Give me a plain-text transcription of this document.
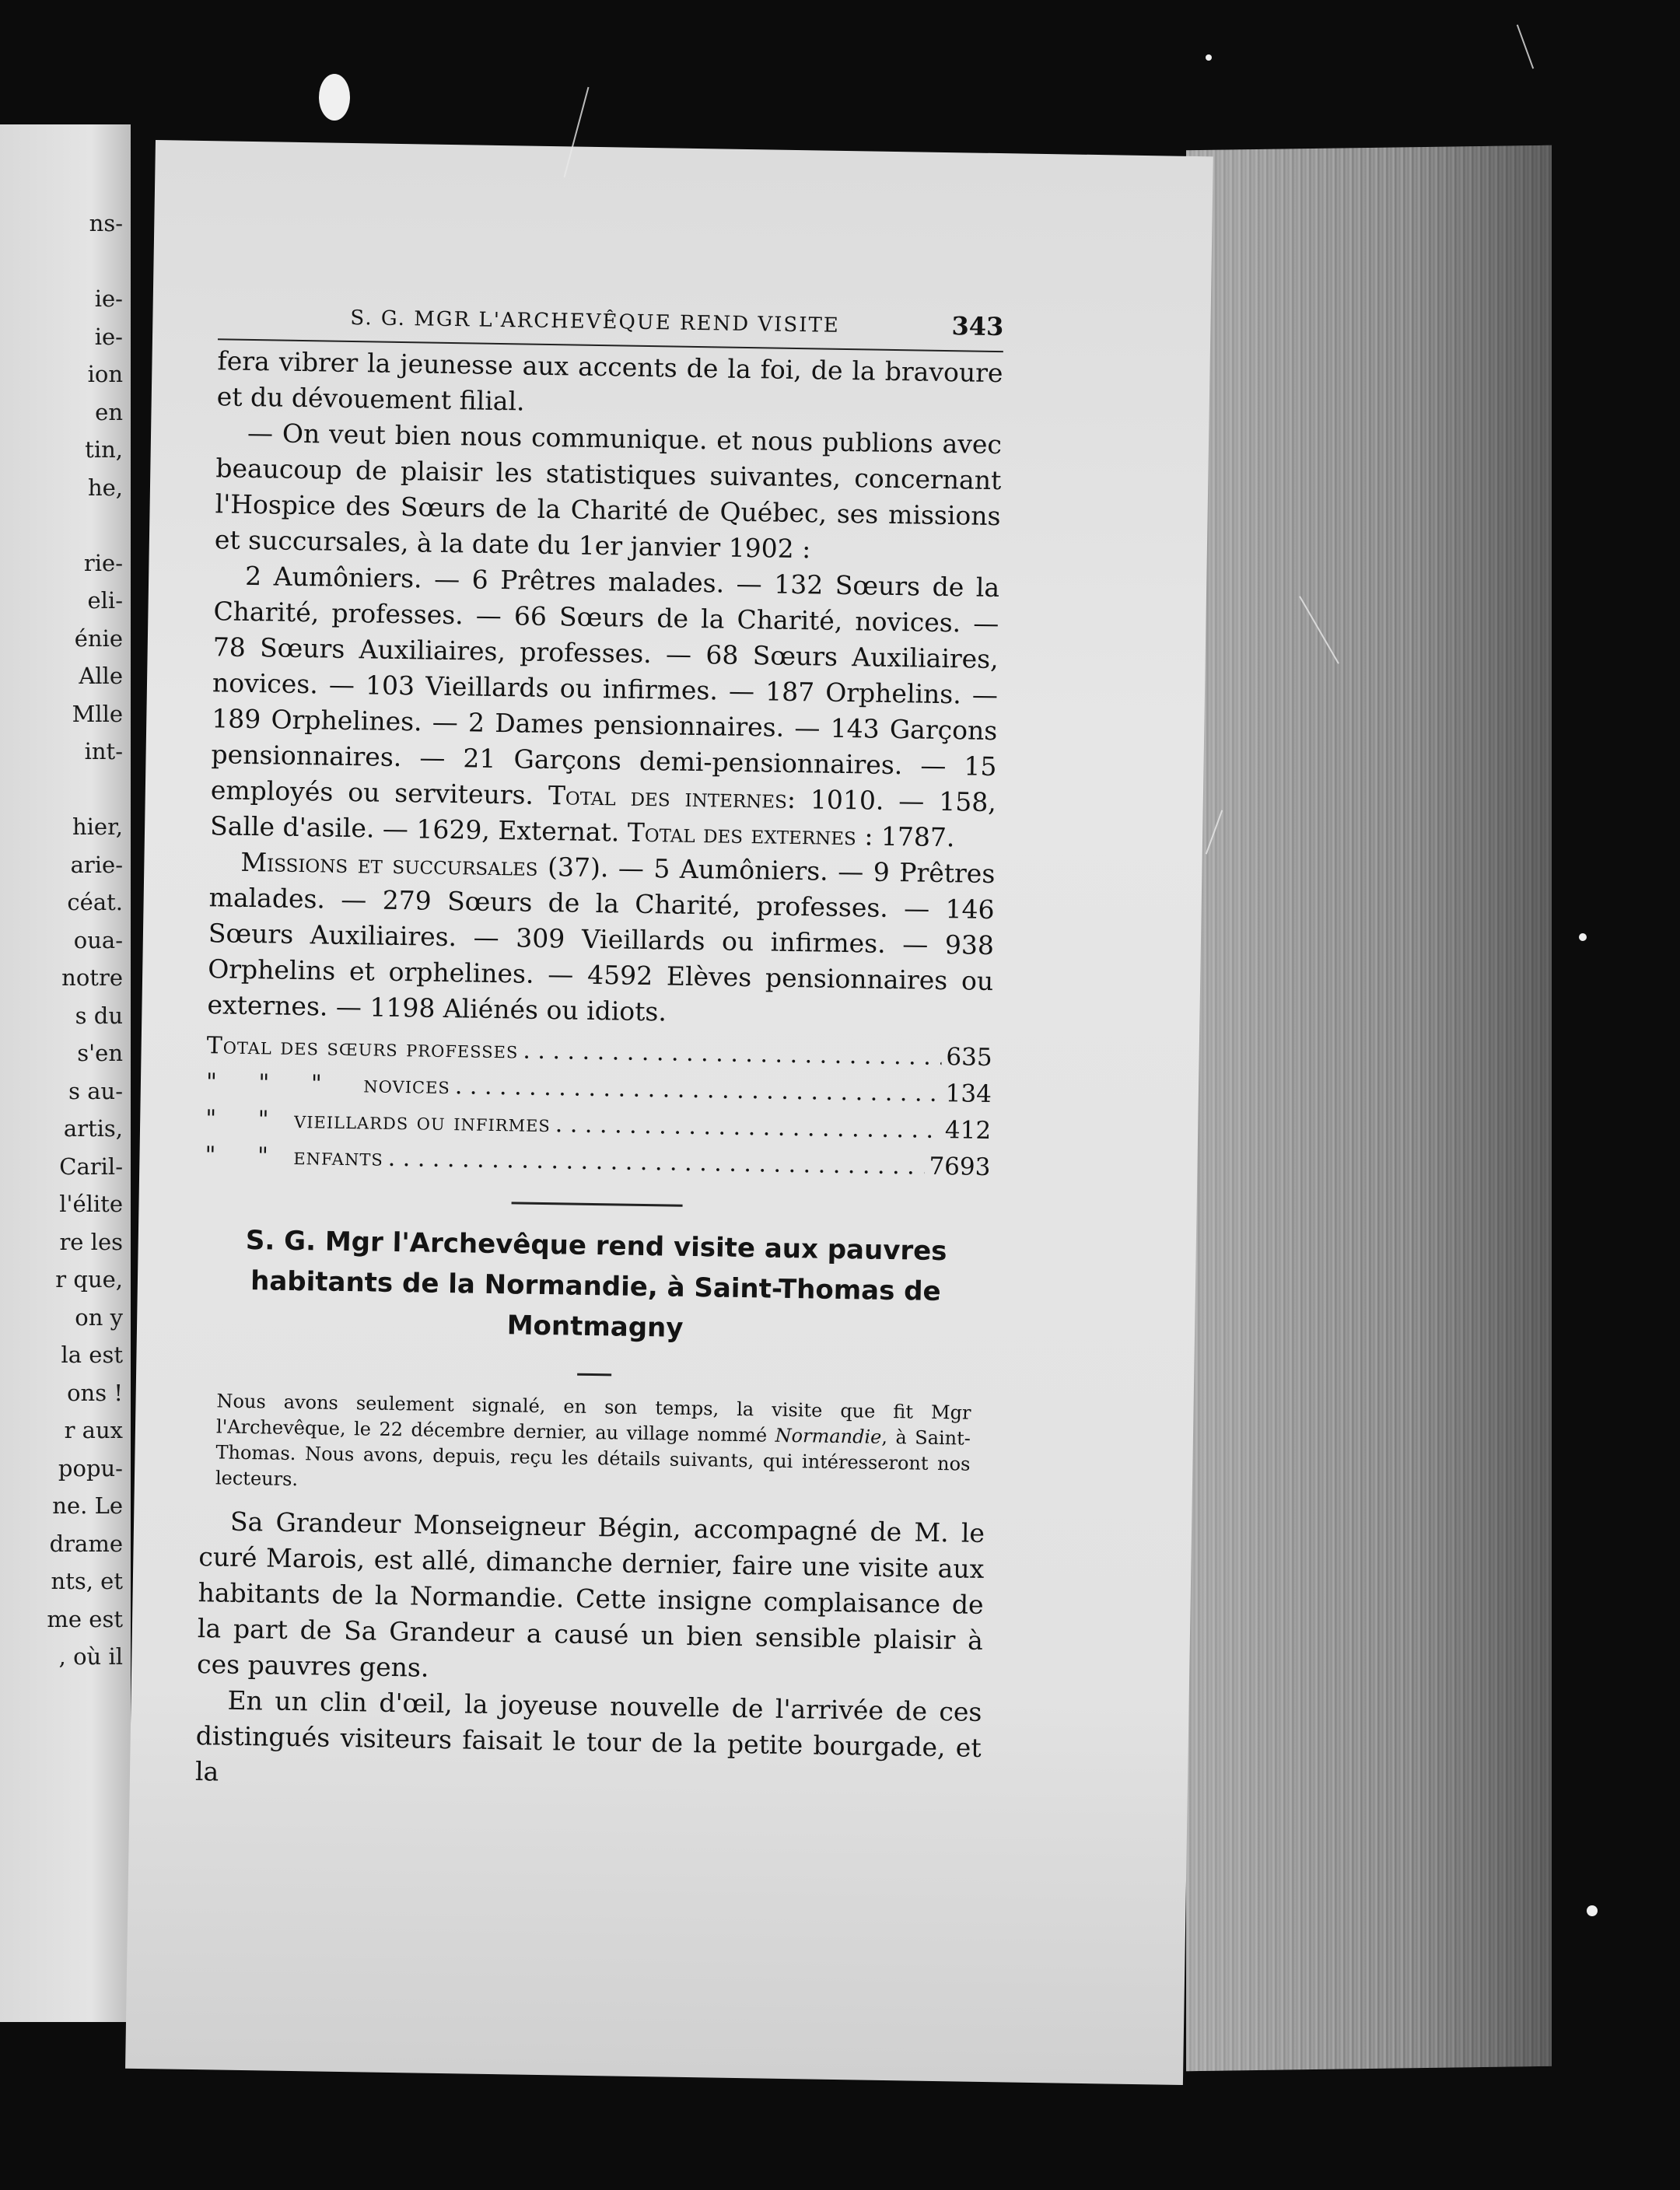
ns-
ie-
ie-
ion
en
tin,
he,
rie-
eli-
énie
Alle
Mlle
int-
hier,
arie-
céat.
oua-
notre
s du
s'en
s au-
artis,
Caril-
l'élite
re les
r que,
on y
la est
ons !
r aux
popu-
ne. Le
drame
nts, et
me est
, où il
S. G. MGR L'ARCHEVÊQUE REND VISITE	343

fera vibrer la jeunesse aux accents de la foi, de la bravoure et du dévouement filial.

— On veut bien nous communique. et nous publions avec beaucoup de plaisir les statistiques suivantes, concernant l'Hospice des Sœurs de la Charité de Québec, ses missions et succursales, à la date du 1er janvier 1902 :

2 Aumôniers. — 6 Prêtres malades. — 132 Sœurs de la Charité, professes. — 66 Sœurs de la Charité, novices. — 78 Sœurs Auxiliaires, professes. — 68 Sœurs Auxiliaires, novices. — 103 Vieillards ou infirmes. — 187 Orphelins. — 189 Orphelines. — 2 Dames pensionnaires. — 143 Garçons pensionnaires. — 21 Garçons demi-pensionnaires. — 15 employés ou serviteurs. Total des internes: 1010. — 158, Salle d'asile. — 1629, Externat. Total des externes : 1787.

Missions et succursales (37). — 5 Aumôniers. — 9 Prêtres malades. — 279 Sœurs de la Charité, professes. — 146 Sœurs Auxiliaires. — 309 Vieillards ou infirmes. — 938 Orphelins et orphelines. — 4592 Elèves pensionnaires ou externes. — 1198 Aliénés ou idiots.

Total des sœurs professes . . .	635
"     "     "     novices . . .	134
"     "   vieillards ou infirmes . . .	412
"     "   enfants . . .	7693
S. G. Mgr l'Archevêque rend visite aux pauvres habitants de la Normandie, à Saint-Thomas de Montmagny

Nous avons seulement signalé, en son temps, la visite que fit Mgr l'Archevêque, le 22 décembre dernier, au village nommé Normandie, à Saint-Thomas. Nous avons, depuis, reçu les détails suivants, qui intéresseront nos lecteurs.

Sa Grandeur Monseigneur Bégin, accompagné de M. le curé Marois, est allé, dimanche dernier, faire une visite aux habitants de la Normandie. Cette insigne complaisance de la part de Sa Grandeur a causé un bien sensible plaisir à ces pauvres gens.

En un clin d'œil, la joyeuse nouvelle de l'arrivée de ces distingués visiteurs faisait le tour de la petite bourgade, et la
